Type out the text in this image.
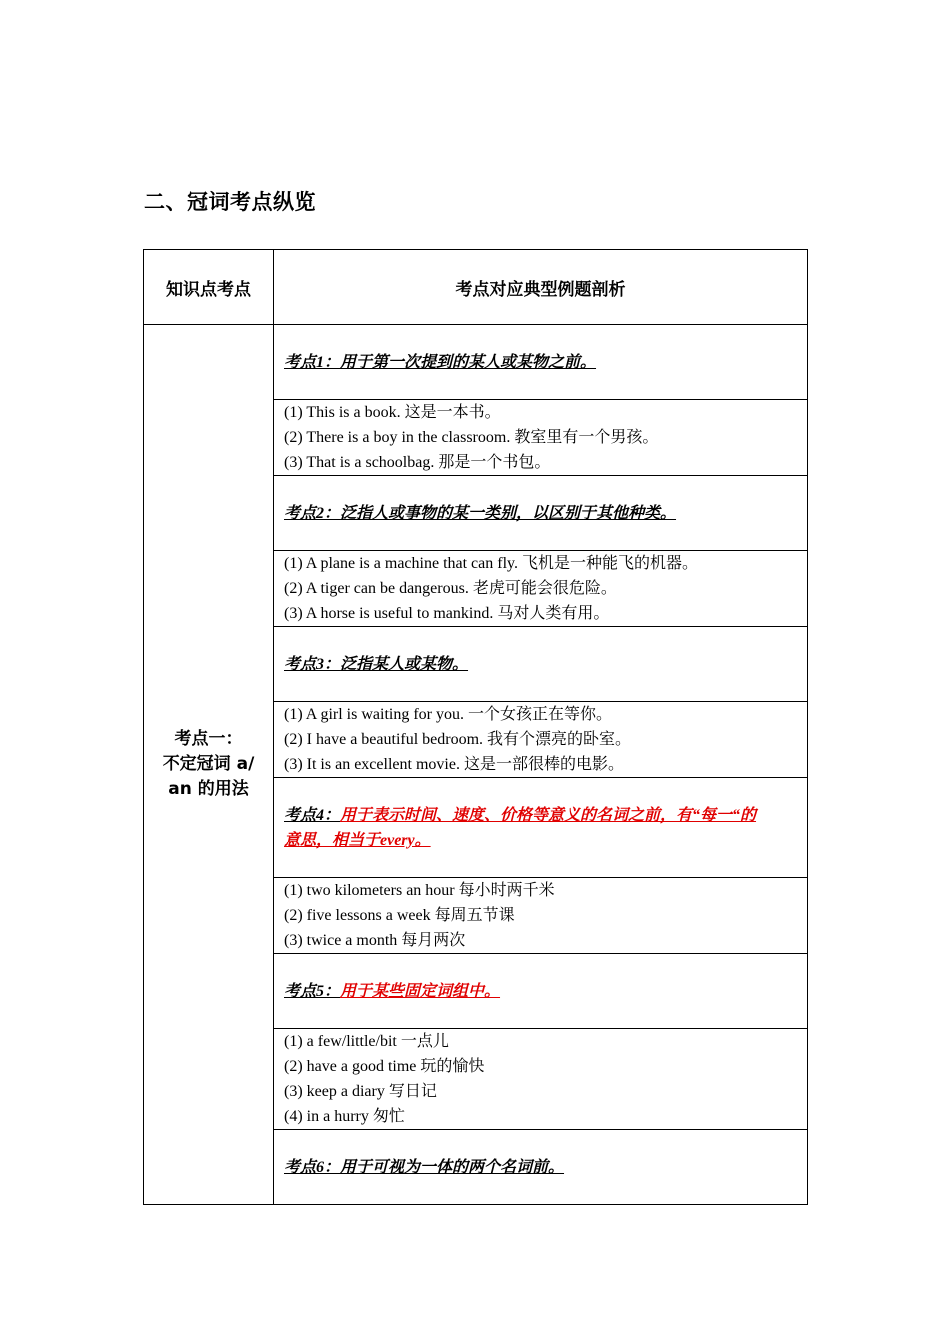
二、冠词考点纵览
知识点考点	考点对应典型例题剖析

考点一：
不定冠词 a/
an 的用法	考点1：用于第一次提到的某人或某物之前。

	(1) This is a book. 这是一本书。
(2) There is a boy in the classroom. 教室里有一个男孩。
(3) That is a schoolbag. 那是一个书包。

	考点2：泛指人或事物的某一类别，以区别于其他种类。

	(1) A plane is a machine that can fly. 飞机是一种能飞的机器。
(2) A tiger can be dangerous. 老虎可能会很危险。
(3) A horse is useful to mankind. 马对人类有用。

	考点3：泛指某人或某物。

	(1) A girl is waiting for you. 一个女孩正在等你。
(2) I have a beautiful bedroom. 我有个漂亮的卧室。
(3) It is an excellent movie. 这是一部很棒的电影。

	考点4：用于表示时间、速度、价格等意义的名词之前，有“每一“的
意思，相当于every。

	(1) two kilometers an hour 每小时两千米
(2) five lessons a week 每周五节课
(3) twice a month 每月两次

	考点5：用于某些固定词组中。

	(1) a few/little/bit 一点儿
(2) have a good time 玩的愉快
(3) keep a diary 写日记
(4) in a hurry 匆忙

	考点6：用于可视为一体的两个名词前。
